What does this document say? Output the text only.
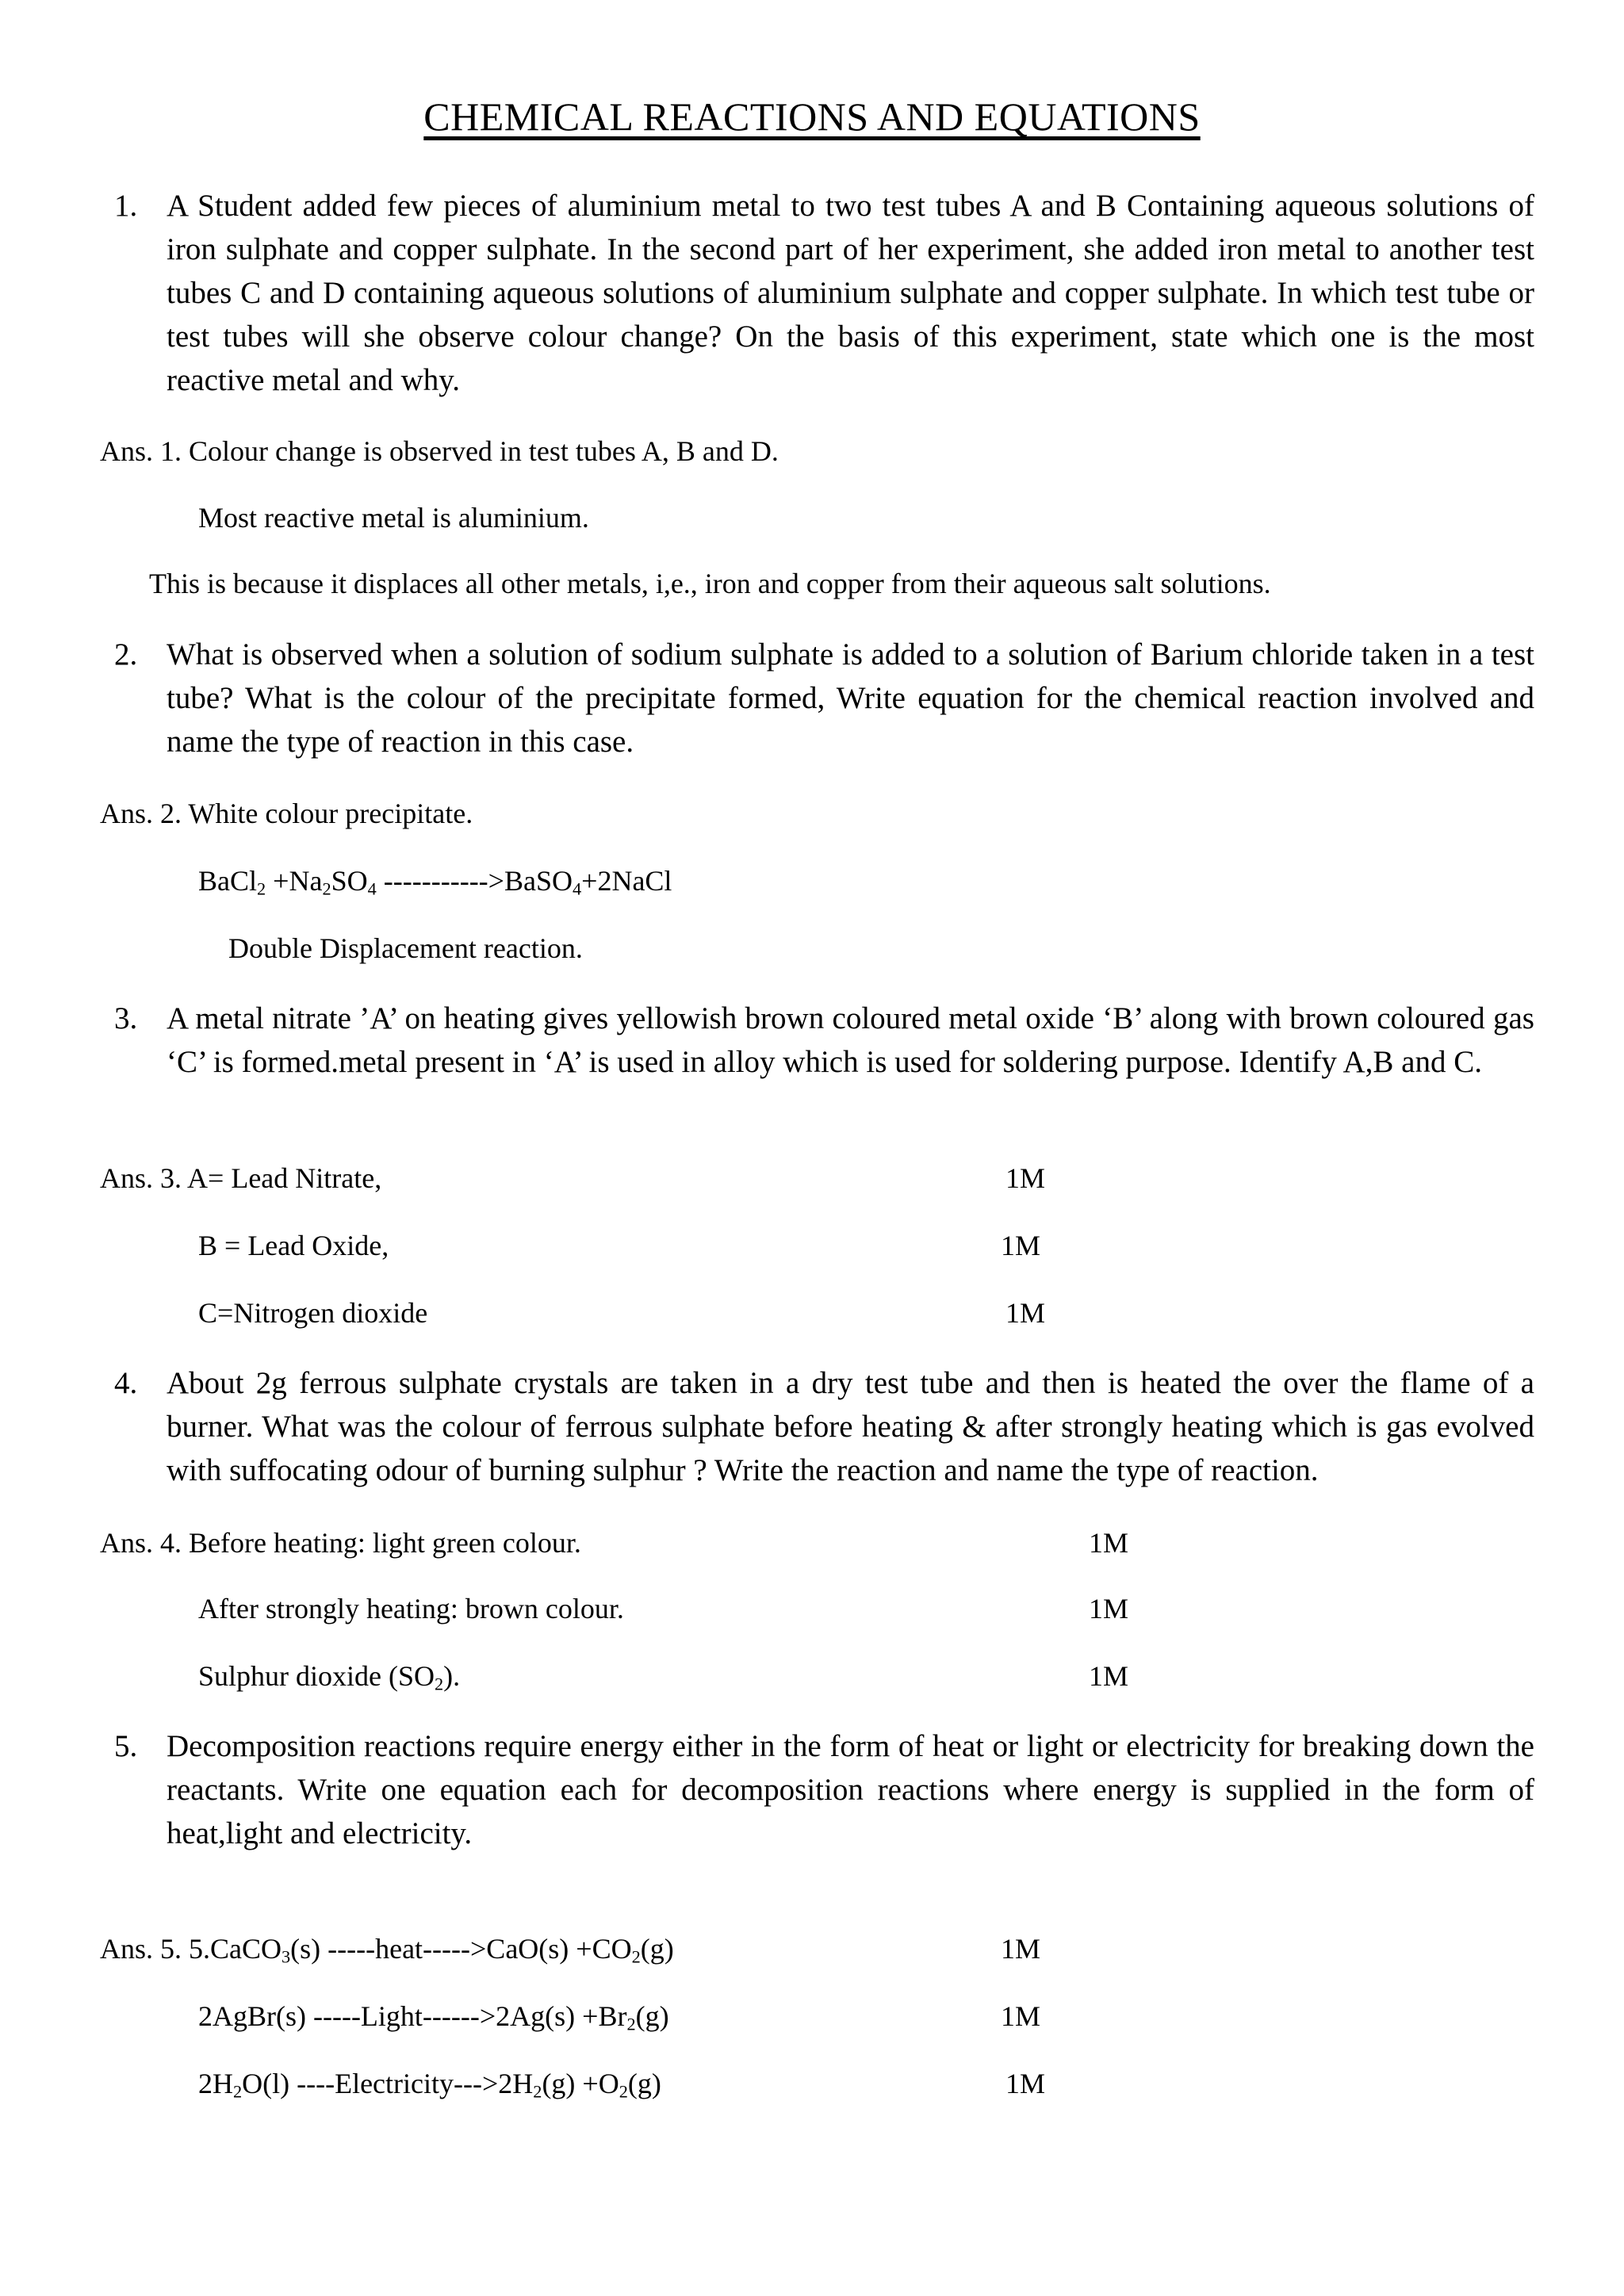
CHEMICAL REACTIONS AND EQUATIONS
1. A Student added few pieces of aluminium metal to two test tubes A and B Containing aqueous solutions of iron sulphate and copper sulphate. In the second part of her experiment, she added iron metal to another test tubes C and D containing aqueous solutions of aluminium sulphate and copper sulphate. In which test tube or test tubes will she observe colour change? On the basis of this experiment, state which one is the most reactive metal and why.
Ans. 1. Colour change is observed in test tubes A, B and D.
Most reactive metal is aluminium.
This is because it displaces all other metals, i,e., iron and copper from their aqueous salt solutions.
2. What is observed when a solution of sodium sulphate is added to a solution of Barium chloride taken in a test tube? What is the colour of the precipitate formed, Write equation for the chemical reaction involved and name the type of reaction in this case.
Ans. 2. White colour precipitate.
BaCl$_2$ $+Na_2SO_4$ ----------->BaSO$_4$+2NaCl
Double Displacement reaction.
3. A metal nitrate ’A’ on heating gives yellowish brown coloured metal oxide ‘B’ along with brown coloured gas ‘C’ is formed.metal present in ‘A’ is used in alloy which is used for soldering purpose. Identify A,B and C.
Ans. 3. A= Lead Nitrate,	1M
B = Lead Oxide,	1M
C=Nitrogen dioxide	1M
4. About 2g ferrous sulphate crystals are taken in a dry test tube and then is heated the over the flame of a burner. What was the colour of ferrous sulphate before heating & after strongly heating which is gas evolved with suffocating odour of burning sulphur ? Write the reaction and name the type of reaction.
Ans. 4. Before heating: light green colour.	1M
After strongly heating: brown colour.	1M
Sulphur dioxide $(SO_2)$.	1M
5. Decomposition reactions require energy either in the form of heat or light or electricity for breaking down the reactants. Write one equation each for decomposition reactions where energy is supplied in the form of heat,light and electricity.
Ans. 5. 5.CaCO$_3$(s) -----heat----->CaO(s) $+CO_2(g)$	1M
2AgBr(s) -----Light------>2Ag(s) $+Br_2(g)$	1M
$2H_2O(l)$ $----Electricity--->2H_2(g) +O_2(g)$	1M
